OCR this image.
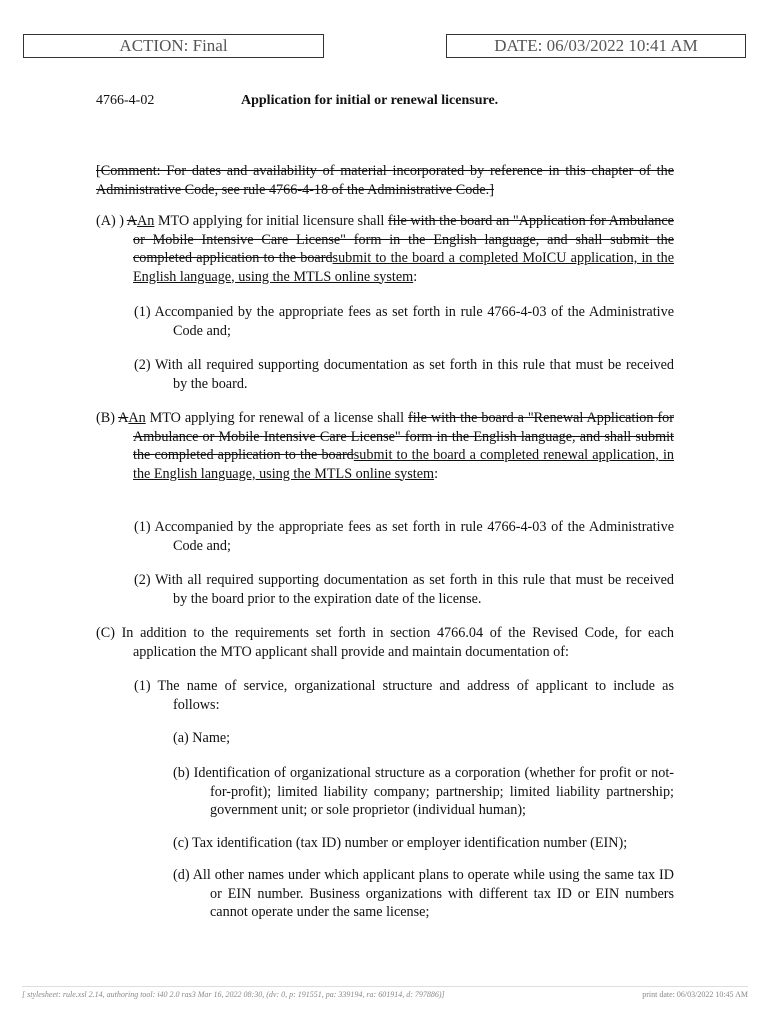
ACTION: Final	DATE: 06/03/2022 10:41 AM
4766-4-02	Application for initial or renewal licensure.
[Comment: For dates and availability of material incorporated by reference in this chapter of the Administrative Code, see rule 4766-4-18 of the Administrative Code.]
(A) ) AAn MTO applying for initial licensure shall file with the board an "Application for Ambulance or Mobile Intensive Care License" form in the English language, and shall submit the completed application to the boardsubmit to the board a completed MoICU application, in the English language, using the MTLS online system:
(1) Accompanied by the appropriate fees as set forth in rule 4766-4-03 of the Administrative Code and;
(2) With all required supporting documentation as set forth in this rule that must be received by the board.
(B) AAn MTO applying for renewal of a license shall file with the board a "Renewal Application for Ambulance or Mobile Intensive Care License" form in the English language, and shall submit the completed application to the boardsubmit to the board a completed renewal application, in the English language, using the MTLS online system:
(1) Accompanied by the appropriate fees as set forth in rule 4766-4-03 of the Administrative Code and;
(2) With all required supporting documentation as set forth in this rule that must be received by the board prior to the expiration date of the license.
(C) In addition to the requirements set forth in section 4766.04 of the Revised Code, for each application the MTO applicant shall provide and maintain documentation of:
(1) The name of service, organizational structure and address of applicant to include as follows:
(a) Name;
(b) Identification of organizational structure as a corporation (whether for profit or not-for-profit); limited liability company; partnership; limited liability partnership; government unit; or sole proprietor (individual human);
(c) Tax identification (tax ID) number or employer identification number (EIN);
(d) All other names under which applicant plans to operate while using the same tax ID or EIN number. Business organizations with different tax ID or EIN numbers cannot operate under the same license;
[ stylesheet: rule.xsl 2.14, authoring tool: i40 2.0 ras3 Mar 16, 2022 08:30, (dv: 0, p: 191551, pa: 339194, ra: 601914, d: 797886)]	print date: 06/03/2022 10:45 AM
